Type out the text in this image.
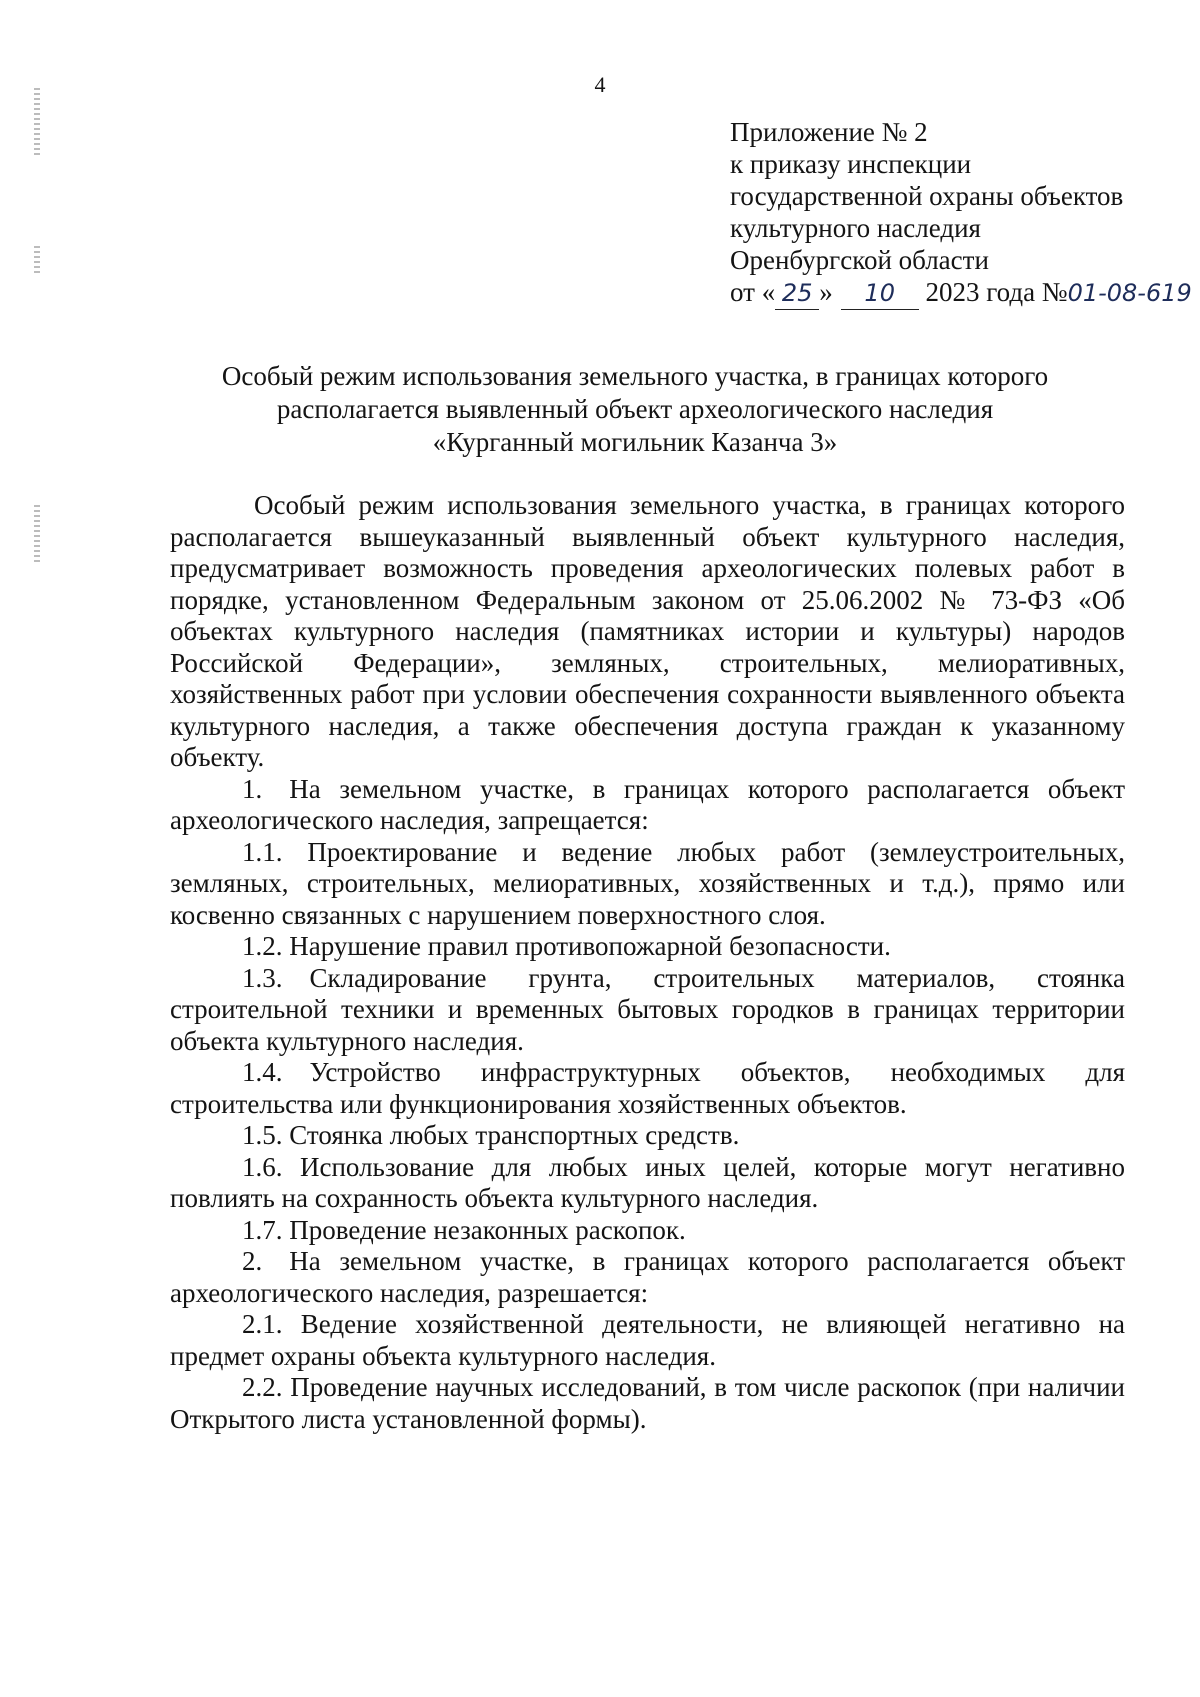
4
Приложение № 2
к приказу инспекции
государственной охраны объектов
культурного наследия
Оренбургской области
от « 25 » 10 2023 года №01-08-619
Особый режим использования земельного участка, в границах которого
располагается выявленный объект археологического наследия
«Курганный могильник Казанча 3»

Особый режим использования земельного участка, в границах которого располагается вышеуказанный выявленный объект культурного наследия, предусматривает возможность проведения археологических полевых работ в порядке, установленном Федеральным законом от 25.06.2002 № 73-ФЗ «Об объектах культурного наследия (памятниках истории и культуры) народов Российской Федерации», земляных, строительных, мелиоративных, хозяйственных работ при условии обеспечения сохранности выявленного объекта культурного наследия, а также обеспечения доступа граждан к указанному объекту.

1. На земельном участке, в границах которого располагается объект археологического наследия, запрещается:

1.1. Проектирование и ведение любых работ (землеустроительных, земляных, строительных, мелиоративных, хозяйственных и т.д.), прямо или косвенно связанных с нарушением поверхностного слоя.

1.2. Нарушение правил противопожарной безопасности.

1.3. Складирование грунта, строительных материалов, стоянка строительной техники и временных бытовых городков в границах территории объекта культурного наследия.

1.4. Устройство инфраструктурных объектов, необходимых для строительства или функционирования хозяйственных объектов.

1.5. Стоянка любых транспортных средств.

1.6. Использование для любых иных целей, которые могут негативно повлиять на сохранность объекта культурного наследия.

1.7. Проведение незаконных раскопок.

2. На земельном участке, в границах которого располагается объект археологического наследия, разрешается:

2.1. Ведение хозяйственной деятельности, не влияющей негативно на предмет охраны объекта культурного наследия.

2.2. Проведение научных исследований, в том числе раскопок (при наличии Открытого листа установленной формы).
